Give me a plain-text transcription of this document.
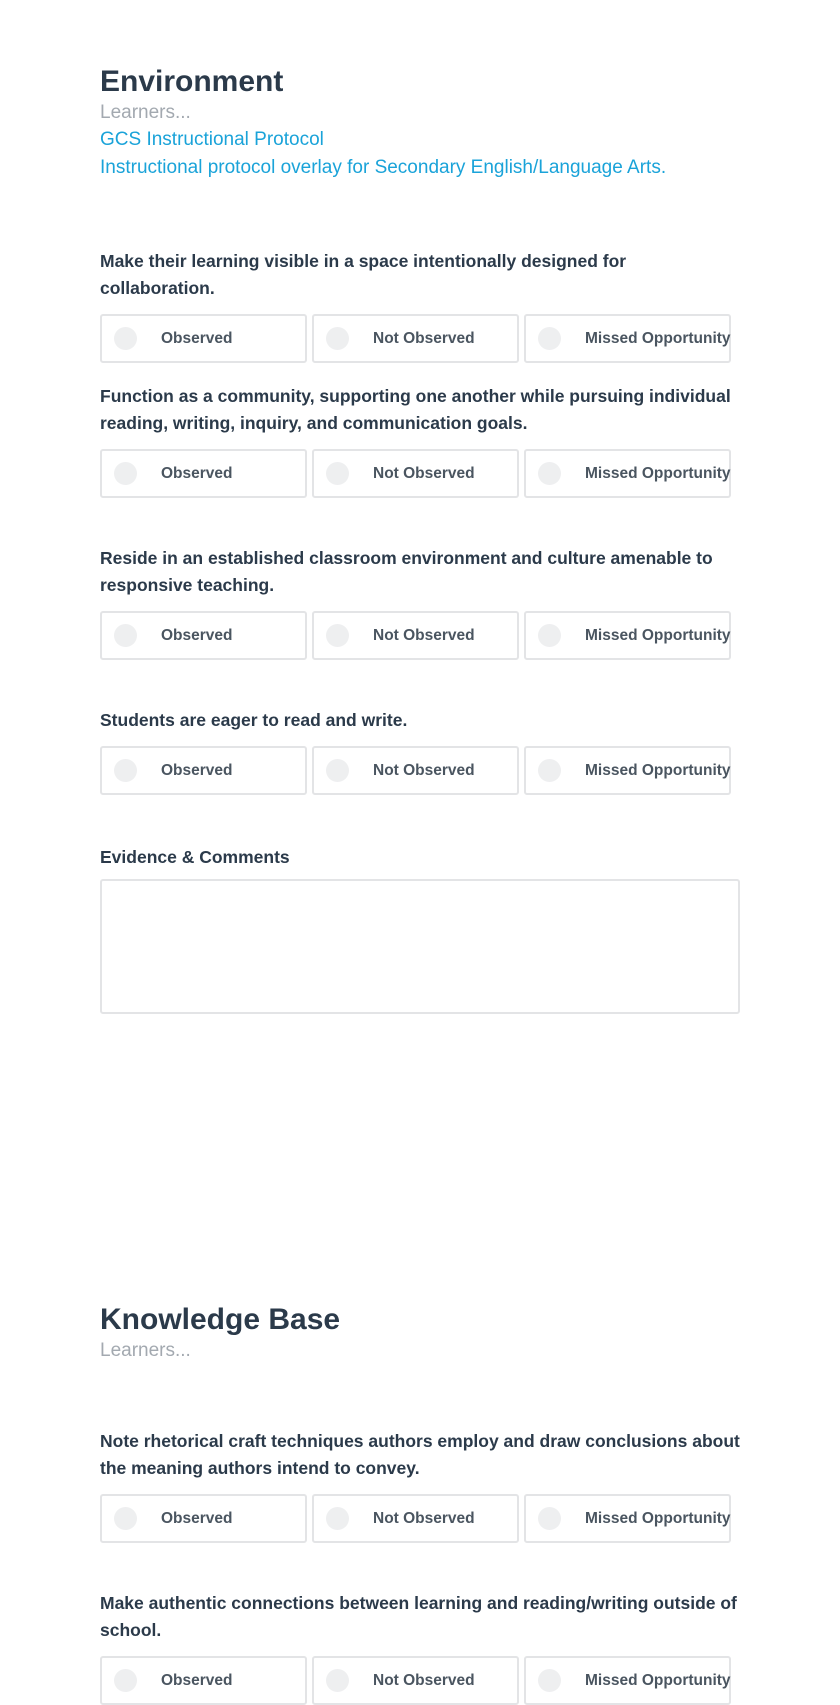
Environment

Learners...

GCS Instructional Protocol
Instructional protocol overlay for Secondary English/Language Arts.

Make their learning visible in a space intentionally designed for collaboration.

Observed	Not Observed	Missed Opportunity

Function as a community, supporting one another while pursuing individual reading, writing, inquiry, and communication goals.

Observed	Not Observed	Missed Opportunity

Reside in an established classroom environment and culture amenable to responsive teaching.

Observed	Not Observed	Missed Opportunity

Students are eager to read and write.

Observed	Not Observed	Missed Opportunity

Evidence & Comments

Knowledge Base

Learners...

Note rhetorical craft techniques authors employ and draw conclusions about the meaning authors intend to convey.

Observed	Not Observed	Missed Opportunity

Make authentic connections between learning and reading/writing outside of school.

Observed	Not Observed	Missed Opportunity
